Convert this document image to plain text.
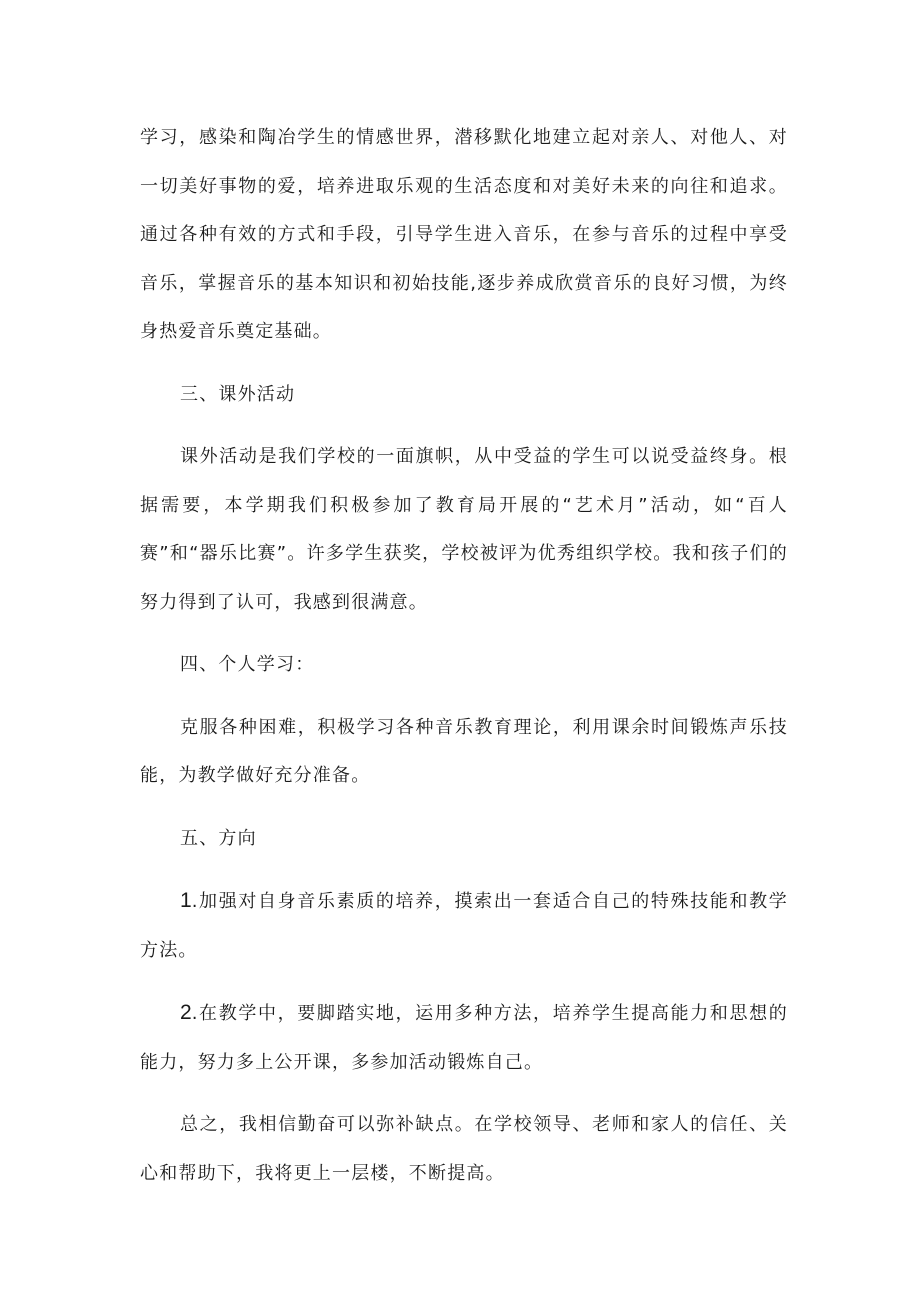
学习，感染和陶冶学生的情感世界，潜移默化地建立起对亲人、对他人、对一切美好事物的爱，培养进取乐观的生活态度和对美好未来的向往和追求。通过各种有效的方式和手段，引导学生进入音乐，在参与音乐的过程中享受音乐，掌握音乐的基本知识和初始技能,逐步养成欣赏音乐的良好习惯，为终身热爱音乐奠定基础。

三、课外活动

课外活动是我们学校的一面旗帜，从中受益的学生可以说受益终身。根据需要，本学期我们积极参加了教育局开展的“艺术月”活动，如“百人赛”和“器乐比赛”。许多学生获奖，学校被评为优秀组织学校。我和孩子们的努力得到了认可，我感到很满意。

四、个人学习：

克服各种困难，积极学习各种音乐教育理论，利用课余时间锻炼声乐技能，为教学做好充分准备。

五、方向

1.加强对自身音乐素质的培养，摸索出一套适合自己的特殊技能和教学方法。

2.在教学中，要脚踏实地，运用多种方法，培养学生提高能力和思想的能力，努力多上公开课，多参加活动锻炼自己。

总之，我相信勤奋可以弥补缺点。在学校领导、老师和家人的信任、关心和帮助下，我将更上一层楼，不断提高。
